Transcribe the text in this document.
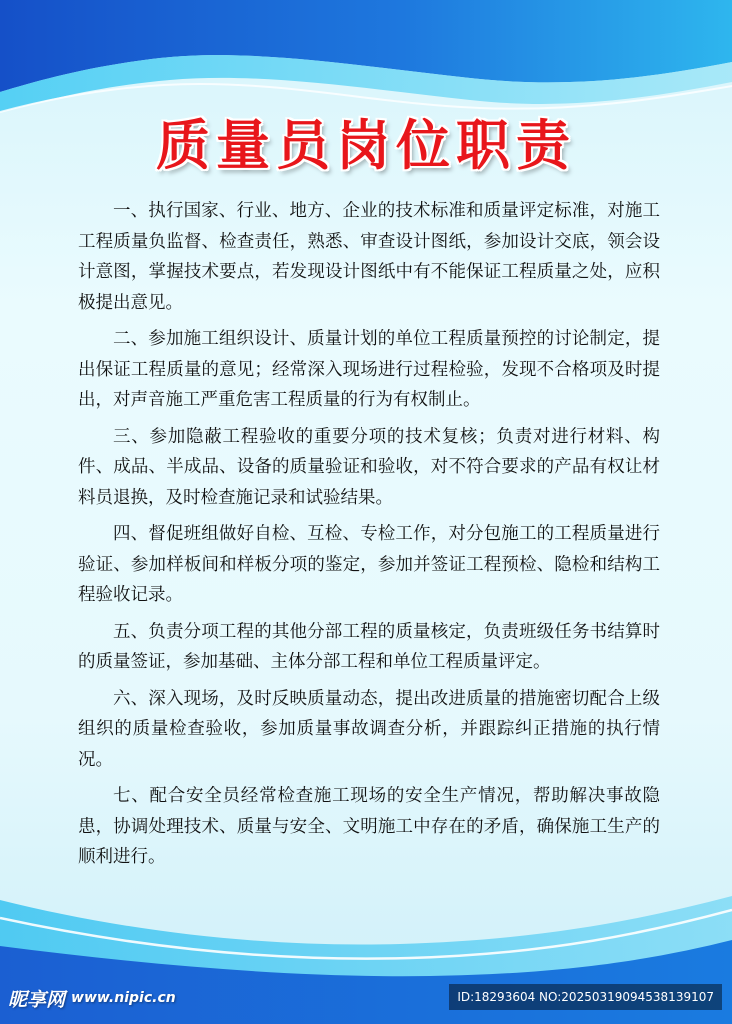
质量员岗位职责

一、执行国家、行业、地方、企业的技术标准和质量评定标准，对施工工程质量负监督、检查责任，熟悉、审查设计图纸，参加设计交底，领会设计意图，掌握技术要点，若发现设计图纸中有不能保证工程质量之处，应积极提出意见。

二、参加施工组织设计、质量计划的单位工程质量预控的讨论制定，提出保证工程质量的意见；经常深入现场进行过程检验，发现不合格项及时提出，对声音施工严重危害工程质量的行为有权制止。

三、参加隐蔽工程验收的重要分项的技术复核；负责对进行材料、构件、成品、半成品、设备的质量验证和验收，对不符合要求的产品有权让材料员退换，及时检查施记录和试验结果。

四、督促班组做好自检、互检、专检工作，对分包施工的工程质量进行验证、参加样板间和样板分项的鉴定，参加并签证工程预检、隐检和结构工程验收记录。

五、负责分项工程的其他分部工程的质量核定，负责班级任务书结算时的质量签证，参加基础、主体分部工程和单位工程质量评定。

六、深入现场，及时反映质量动态，提出改进质量的措施密切配合上级组织的质量检查验收，参加质量事故调查分析，并跟踪纠正措施的执行情况。

七、配合安全员经常检查施工现场的安全生产情况，帮助解决事故隐患，协调处理技术、质量与安全、文明施工中存在的矛盾，确保施工生产的顺利进行。

昵享网 www.nipic.cn	ID:18293604 NO:20250319094538139107
